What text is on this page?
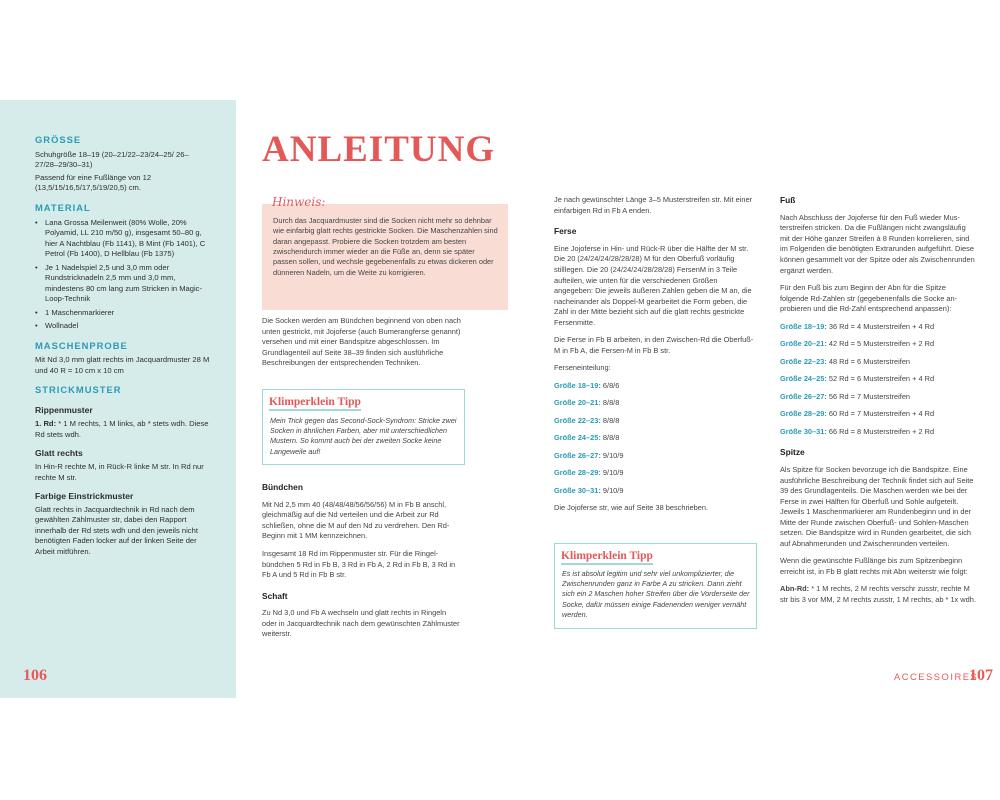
GRÖSSE

Schuhgröße 18–19 (20–21/22–23/24–25/ 26–27/28–29/30–31)

Passend für eine Fußlänge von 12 (13,5/15/16,5/17,5/19/20,5) cm.

MATERIAL
• Lana Grossa Meilenweit (80% Wolle, 20% Polyamid, LL 210 m/50 g), insgesamt 50–80 g, hier A Nachtblau (Fb 1141), B Mint (Fb 1401), C Petrol (Fb 1400), D Hellblau (Fb 1375)
• Je 1 Nadelspiel 2,5 und 3,0 mm oder Rundstricknadeln 2,5 mm und 3,0 mm, mindestens 80 cm lang zum Stricken in Magic-Loop-Technik
• 1 Maschenmarkierer
• Wollnadel
MASCHENPROBE

Mit Nd 3,0 mm glatt rechts im Jacquardmuster 28 M und 40 R = 10 cm x 10 cm

STRICKMUSTER
Rippenmuster

1. Rd: * 1 M rechts, 1 M links, ab * stets wdh. Diese Rd stets wdh.

Glatt rechts

In Hin-R rechte M, in Rück-R linke M str. In Rd nur rechte M str.

Farbige Einstrickmuster

Glatt rechts in Jacquardtechnik in Rd nach dem gewählten Zählmuster str, dabei den Rapport innerhalb der Rd stets wdh und den jeweils nicht benötigten Faden locker auf der linken Seite der Arbeit mitführen.

106
ANLEITUNG
Hinweis:
Durch das Jacquardmuster sind die Socken nicht mehr so dehnbar wie einfarbig glatt rechts gestrickte Socken. Die Maschenzahlen sind daran angepasst. Probiere die Socken trotzdem am besten zwischendurch immer wieder an die Füße an, denn sie später passen sollen, und wechsle gegebenenfalls zu etwas dickeren oder dünneren Nadeln, um die Weite zu korrigieren.

Die Socken werden am Bündchen beginnend von oben nach unten gestrickt, mit Jojoferse (auch Bumerangferse genannt) versehen und mit einer Bandspitze abgeschlossen. Im Grundlagenteil auf Seite 38–39 finden sich ausführliche Beschreibungen der entsprechenden Techniken.

Klimperklein Tipp
Mein Trick gegen das Second-Sock-Syndrom: Stricke zwei Socken in ähnlichen Farben, aber mit unterschiedlichen Mustern. So kommt auch bei der zweiten Socke keine Langeweile auf!
Bündchen

Mit Nd 2,5 mm 40 (48/48/48/56/56/56) M in Fb B anschl, gleichmäßig auf die Nd verteilen und die Arbeit zur Rd schließen, ohne die M auf den Nd zu verdrehen. Den Rd-Beginn mit 1 MM kennzeichnen.

Insgesamt 18 Rd im Rippenmuster str. Für die Ringelbündchen 5 Rd in Fb B, 3 Rd in Fb A, 2 Rd in Fb B, 3 Rd in Fb A und 5 Rd in Fb B str.

Schaft

Zu Nd 3,0 und Fb A wechseln und glatt rechts in Ringeln oder in Jacquardtechnik nach dem gewünschten Zählmuster weiterstr.

Je nach gewünschter Länge 3–5 Musterstreifen str. Mit einer einfarbigen Rd in Fb A enden.

Ferse

Eine Jojoferse in Hin- und Rück-R über die Hälfte der M str. Die 20 (24/24/24/28/28/28) M für den Oberfuß vorläufig stilllegen. Die 20 (24/24/24/28/28/28) FersenM in 3 Teile aufteilen, wie unten für die verschiedenen Größen angegeben: Die jeweils äußeren Zahlen geben die M an, die nacheinander als Doppel-M gearbeitet die Form geben, die Zahl in der Mitte bezieht sich auf die glatt rechts gestrickte Fersenmitte.

Die Ferse in Fb B arbeiten, in den Zwischen-Rd die Oberfuß-M in Fb A, die Fersen-M in Fb B str.

Ferseneinteilung:

Größe 18–19: 6/8/6

Größe 20–21: 8/8/8

Größe 22–23: 8/8/8

Größe 24–25: 8/8/8

Größe 26–27: 9/10/9

Größe 28–29: 9/10/9

Größe 30–31: 9/10/9

Die Jojoferse str, wie auf Seite 38 beschrieben.

Klimperklein Tipp
Es ist absolut legitim und sehr viel unkomplizierter, die Zwischenrunden ganz in Farbe A zu stricken. Dann zieht sich ein 2 Maschen hoher Streifen über die Vorderseite der Socke, dafür müssen einige Fadenenden weniger vernäht werden.
Fuß

Nach Abschluss der Jojoferse für den Fuß wieder Musterstreifen stricken. Da die Fußlängen nicht zwangsläufig mit der Höhe ganzer Streifen à 8 Runden korrelieren, sind im Folgenden die benötigten Extrarunden aufgeführt. Diese können gesammelt vor der Spitze oder als Zwischenrunden ergänzt werden.

Für den Fuß bis zum Beginn der Abn für die Spitze folgende Rd-Zahlen str (gegebenenfalls die Socke anprobieren und die Rd-Zahl entsprechend anpassen):

Größe 18–19: 36 Rd = 4 Musterstreifen + 4 Rd

Größe 20–21: 42 Rd = 5 Musterstreifen + 2 Rd

Größe 22–23: 48 Rd = 6 Musterstreifen

Größe 24–25: 52 Rd = 6 Musterstreifen + 4 Rd

Größe 26–27: 56 Rd = 7 Musterstreifen

Größe 28–29: 60 Rd = 7 Musterstreifen + 4 Rd

Größe 30–31: 66 Rd = 8 Musterstreifen + 2 Rd

Spitze

Als Spitze für Socken bevorzuge ich die Bandspitze. Eine ausführliche Beschreibung der Technik findet sich auf Seite 39 des Grundlagenteils. Die Maschen werden wie bei der Ferse in zwei Hälften für Oberfuß und Sohle aufgeteilt. Jeweils 1 Maschenmarkierer am Rundenbeginn und in der Mitte der Runde zwischen Oberfuß- und Sohlen-Maschen setzen. Die Bandspitze wird in Runden gearbeitet, die sich auf Abnahmerunden und Zwischenrunden verteilen.

Wenn die gewünschte Fußlänge bis zum Spitzenbeginn erreicht ist, in Fb B glatt rechts mit Abn weiterstr wie folgt:

Abn-Rd: * 1 M rechts, 2 M rechts verschr zusstr, rechte M str bis 3 vor MM, 2 M rechts zusstr, 1 M rechts, ab * 1x wdh.

ACCESSOIRES
107
